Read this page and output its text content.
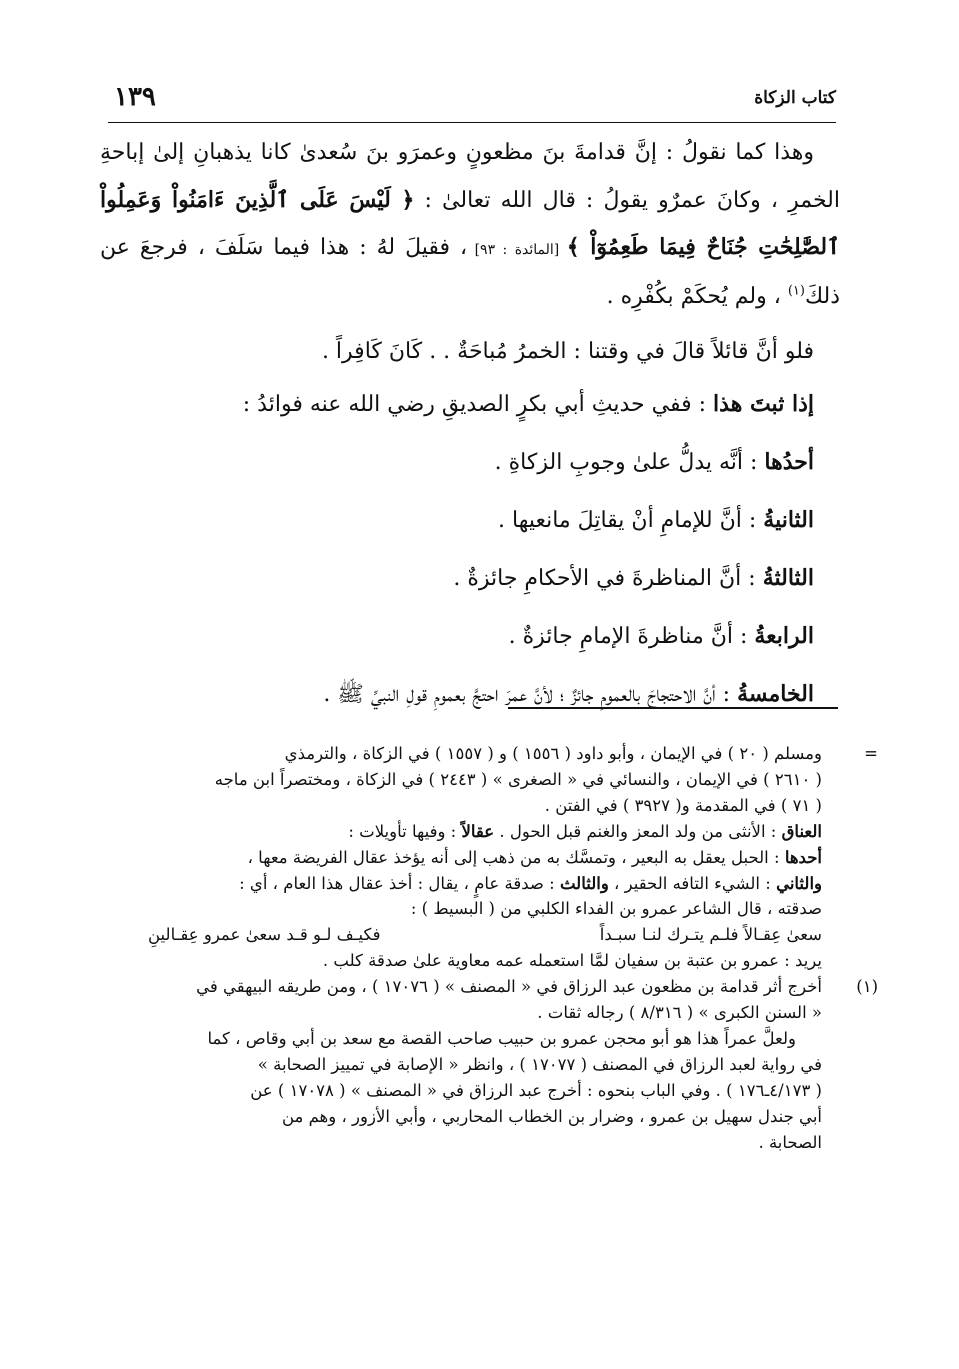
كتاب الزكاة
١٣٩

وهذا كما نقولُ : إنَّ قدامةَ بنَ مظعونٍ وعمرَو بنَ سُعدىٰ كانا يذهبانِ إلىٰ إباحةِ الخمرِ ، وكانَ عمرٌو يقولُ : قال الله تعالىٰ : ﴿ لَيْسَ عَلَى ٱلَّذِينَ ءَامَنُواْ وَعَمِلُواْ ٱلصَّٰلِحَٰتِ جُنَاحٌ فِيمَا طَعِمُوٓاْ ﴾ [المائدة : ٩٣] ، فقيلَ لهُ : هذا فيما سَلَفَ ، فرجعَ عن ذلكَ$^{(١)}$ ، ولم يُحكَمْ بكُفْرِه .

فلو أنَّ قائلاً قالَ في وقتنا : الخمرُ مُباحَةٌ . . كَانَ كَافِراً .

إذا ثبتَ هذا : ففي حديثِ أبي بكرٍ الصديقِ رضي الله عنه فوائدُ :

أحدُها : أنَّه يدلُّ علىٰ وجوبِ الزكاةِ .

الثانيةُ : أنَّ للإمامِ أنْ يقاتِلَ مانعيها .

الثالثةُ : أنَّ المناظرةَ في الأحكامِ جائزةٌ .

الرابعةُ : أنَّ مناظرةَ الإمامِ جائزةٌ .

الخامسةُ : أنَّ الاحتجاجَ بالعمومِ جائزٌ ؛ لأنَّ عمرَ احتجَّ بعمومِ قولِ النبيِّ ﷺ .

=

ومسلم ( ٢٠ ) في الإيمان ، وأبو داود ( ١٥٥٦ ) و ( ١٥٥٧ ) في الزكاة ، والترمذي

( ٢٦١٠ ) في الإيمان ، والنسائي في « الصغرى » ( ٢٤٤٣ ) في الزكاة ، ومختصراً ابن ماجه

( ٧١ ) في المقدمة و( ٣٩٢٧ ) في الفتن .

العناق : الأنثى من ولد المعز والغنم قبل الحول . عقالاً : وفيها تأويلات :

أحدها : الحبل يعقل به البعير ، وتمسَّك به من ذهب إلى أنه يؤخذ عقال الفريضة معها ،

والثاني : الشيء التافه الحقير ، والثالث : صدقة عامٍ ، يقال : أخذ عقال هذا العام ، أي :

صدقته ، قال الشاعر عمرو بن الفداء الكلبي من ( البسيط ) :

سعىٰ عِقـالاً فلـم يتـرك لنـا سبـداً
فكيـف لـو قـد سعىٰ عمرو عِقـالينِ

يريد : عمرو بن عتبة بن سفيان لمَّا استعمله عمه معاوية علىٰ صدقة كلب .

(١)

أخرج أثر قدامة بن مظعون عبد الرزاق في « المصنف » ( ١٧٠٧٦ ) ، ومن طريقه البيهقي في

« السنن الكبرى » ( ٨/٣١٦ ) رجاله ثقات .

ولعلَّ عمراً هذا هو أبو محجن عمرو بن حبيب صاحب القصة مع سعد بن أبي وقاص ، كما

في رواية لعبد الرزاق في المصنف ( ١٧٠٧٧ ) ، وانظر « الإصابة في تمييز الصحابة »

( ٤/١٧٣ـ١٧٦ ) . وفي الباب بنحوه : أخرج عبد الرزاق في « المصنف » ( ١٧٠٧٨ ) عن

أبي جندل سهيل بن عمرو ، وضرار بن الخطاب المحاربي ، وأبي الأزور ، وهم من

الصحابة .
